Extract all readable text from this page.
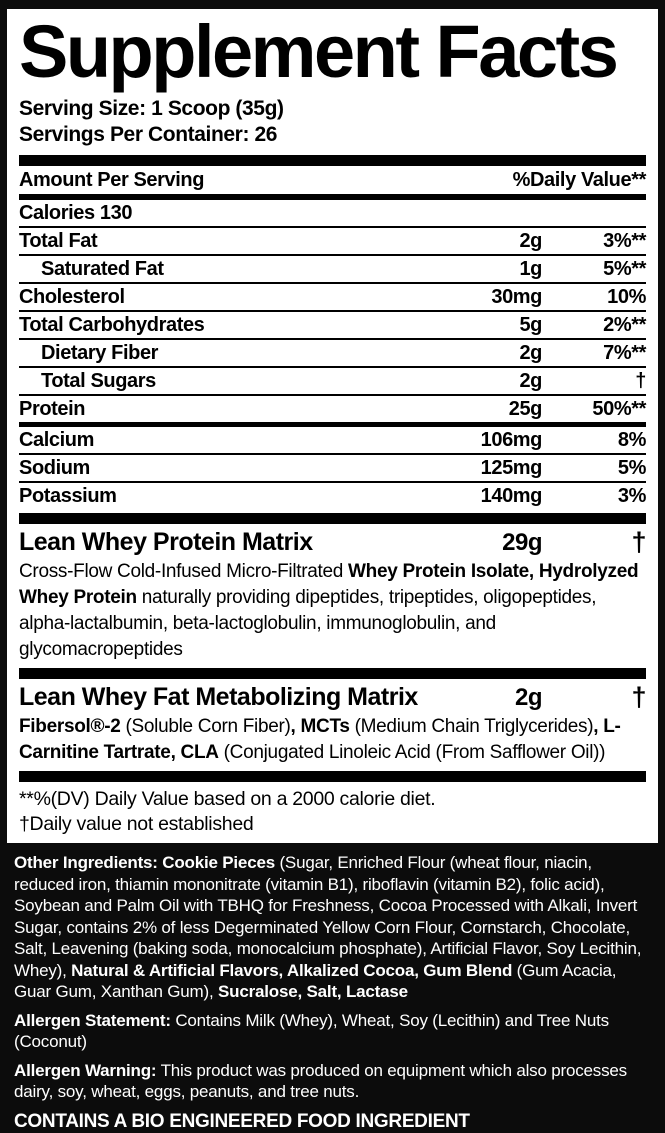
Supplement Facts
Serving Size: 1 Scoop (35g)
Servings Per Container: 26
Amount Per Serving	%Daily Value**
Calories 130
Total Fat	2g	3%**
Saturated Fat	1g	5%**
Cholesterol	30mg	10%
Total Carbohydrates	5g	2%**
Dietary Fiber	2g	7%**
Total Sugars	2g	†
Protein	25g	50%**
Calcium	106mg	8%
Sodium	125mg	5%
Potassium	140mg	3%
Lean Whey Protein Matrix	29g	†
Cross-Flow Cold-Infused Micro-Filtrated Whey Protein Isolate, Hydrolyzed Whey Protein naturally providing dipeptides, tripeptides, oligopeptides, alpha-lactalbumin, beta-lactoglobulin, immunoglobulin, and glycomacropeptides
Lean Whey Fat Metabolizing Matrix	2g	†
Fibersol®-2 (Soluble Corn Fiber), MCTs (Medium Chain Triglycerides), L-Carnitine Tartrate, CLA (Conjugated Linoleic Acid (From Safflower Oil))
**%(DV) Daily Value based on a 2000 calorie diet.
†Daily value not established

Other Ingredients: Cookie Pieces (Sugar, Enriched Flour (wheat flour, niacin, reduced iron, thiamin mononitrate (vitamin B1), riboflavin (vitamin B2), folic acid), Soybean and Palm Oil with TBHQ for Freshness, Cocoa Processed with Alkali, Invert Sugar, contains 2% of less Degerminated Yellow Corn Flour, Cornstarch, Chocolate, Salt, Leavening (baking soda, monocalcium phosphate), Artificial Flavor, Soy Lecithin, Whey), Natural & Artificial Flavors, Alkalized Cocoa, Gum Blend (Gum Acacia, Guar Gum, Xanthan Gum), Sucralose, Salt, Lactase

Allergen Statement: Contains Milk (Whey), Wheat, Soy (Lecithin) and Tree Nuts (Coconut)

Allergen Warning: This product was produced on equipment which also processes dairy, soy, wheat, eggs, peanuts, and tree nuts.

CONTAINS A BIO ENGINEERED FOOD INGREDIENT
